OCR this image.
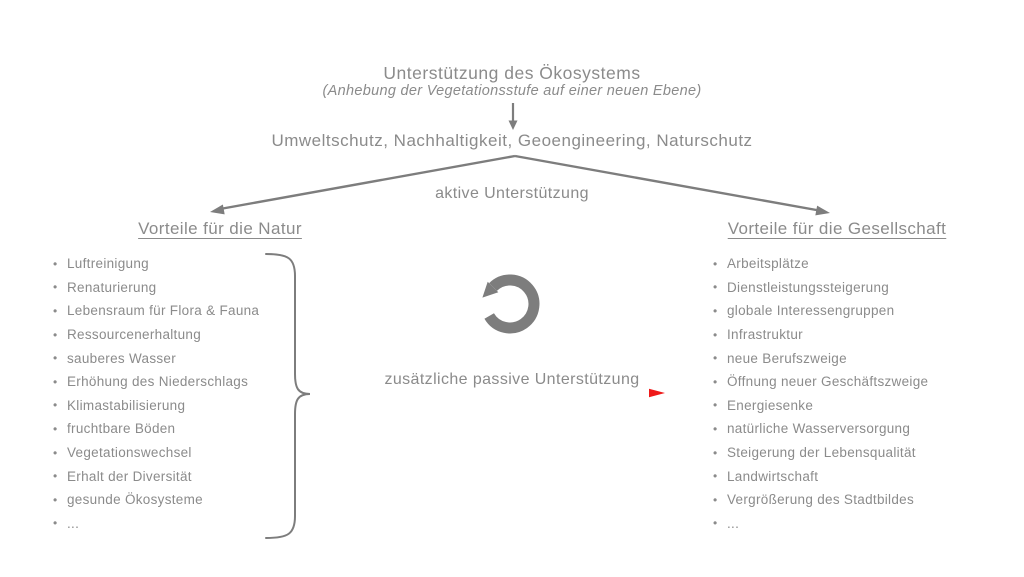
Unterstützung des Ökosystems
(Anhebung der Vegetationsstufe auf einer neuen Ebene)
Umweltschutz, Nachhaltigkeit, Geoengineering, Naturschutz
aktive Unterstützung
Vorteile für die Natur	Vorteile für die Gesellschaft
• Luftreinigung
• Renaturierung
• Lebensraum für Flora & Fauna
• Ressourcenerhaltung
• sauberes Wasser
• Erhöhung des Niederschlags
• Klimastabilisierung
• fruchtbare Böden
• Vegetationswechsel
• Erhalt der Diversität
• gesunde Ökosysteme
• ...
• Arbeitsplätze
• Dienstleistungssteigerung
• globale Interessengruppen
• Infrastruktur
• neue Berufszweige
• Öffnung neuer Geschäftszweige
• Energiesenke
• natürliche Wasserversorgung
• Steigerung der Lebensqualität
• Landwirtschaft
• Vergrößerung des Stadtbildes
• ...
zusätzliche passive Unterstützung
